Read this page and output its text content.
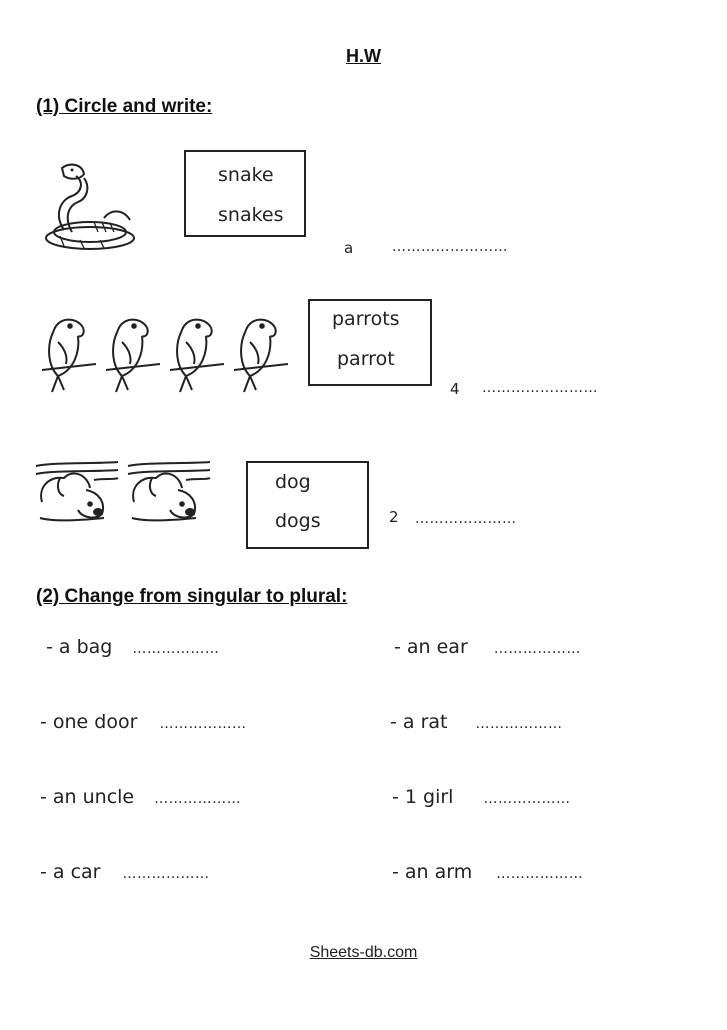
H.W
(1) Circle and write:
snake
snakes
a	……………………
parrots
parrot
4 ……………………
dog
dogs	2 …………………
(2) Change from singular to plural:
- a bag ………………
- one door ………………
- an uncle ………………
- a car ………………
- an ear ………………
- a rat ………………
- 1 girl ………………
- an arm ………………
Sheets-db.com
